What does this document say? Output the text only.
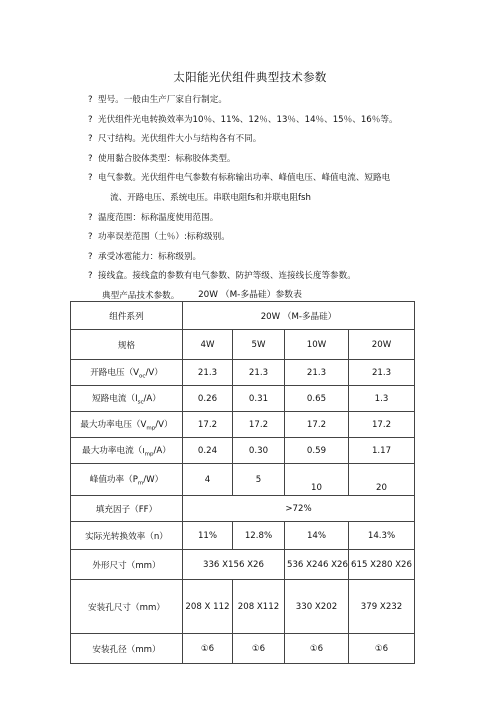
太阳能光伏组件典型技术参数
? 型号。一般由生产厂家自行制定。
? 光伏组件光电转换效率为10％、11%、12％、13％、14％、15％、16％等。
? 尺寸结构。光伏组件大小与结构各有不同。
? 使用黏合胶体类型：标称胶体类型。
? 电气参数。光伏组件电气参数有标称输出功率、峰值电压、峰值电流、短路电
流、开路电压、系统电压。串联电阻fs和并联电阻fsh
? 温度范围：标称温度使用范围。
? 功率误差范围（土％）:标称级别。
? 承受冰雹能力：标称级别。
? 接线盒。接线盒的参数有电气参数、防护等级、连接线长度等参数。
典型产品技术参数。	20W （M-多晶硅）参数表
组件系列	20W （M-多晶硅）			
规格	4W	5W	10W	20W
开路电压$(V_{oc}/V)$	21.3	21.3	21.3	21.3
短路电流$(I_{sc}/A)$	0.26	0.31	0.65	1.3
最大功率电压$(V_{mp}/V)$	17.2	17.2	17.2	17.2
最大功率电流$(ı_{mp}/A)$	0.24	0.30	0.59	1.17
峰值功率$(P_m/W)$	4	5	10	20
填充因子（FF）	>72%			
实际光转换效率（n）	11%	12.8%	14%	14.3%
外形尺寸（mm）	336 X156 X26		536 X246 X26	615 X280 X26
安装孔尺寸（mm）	208 X 112	208 X112	330 X202	379 X232
安装孔径（mm）	①6	①6	①6	①6
